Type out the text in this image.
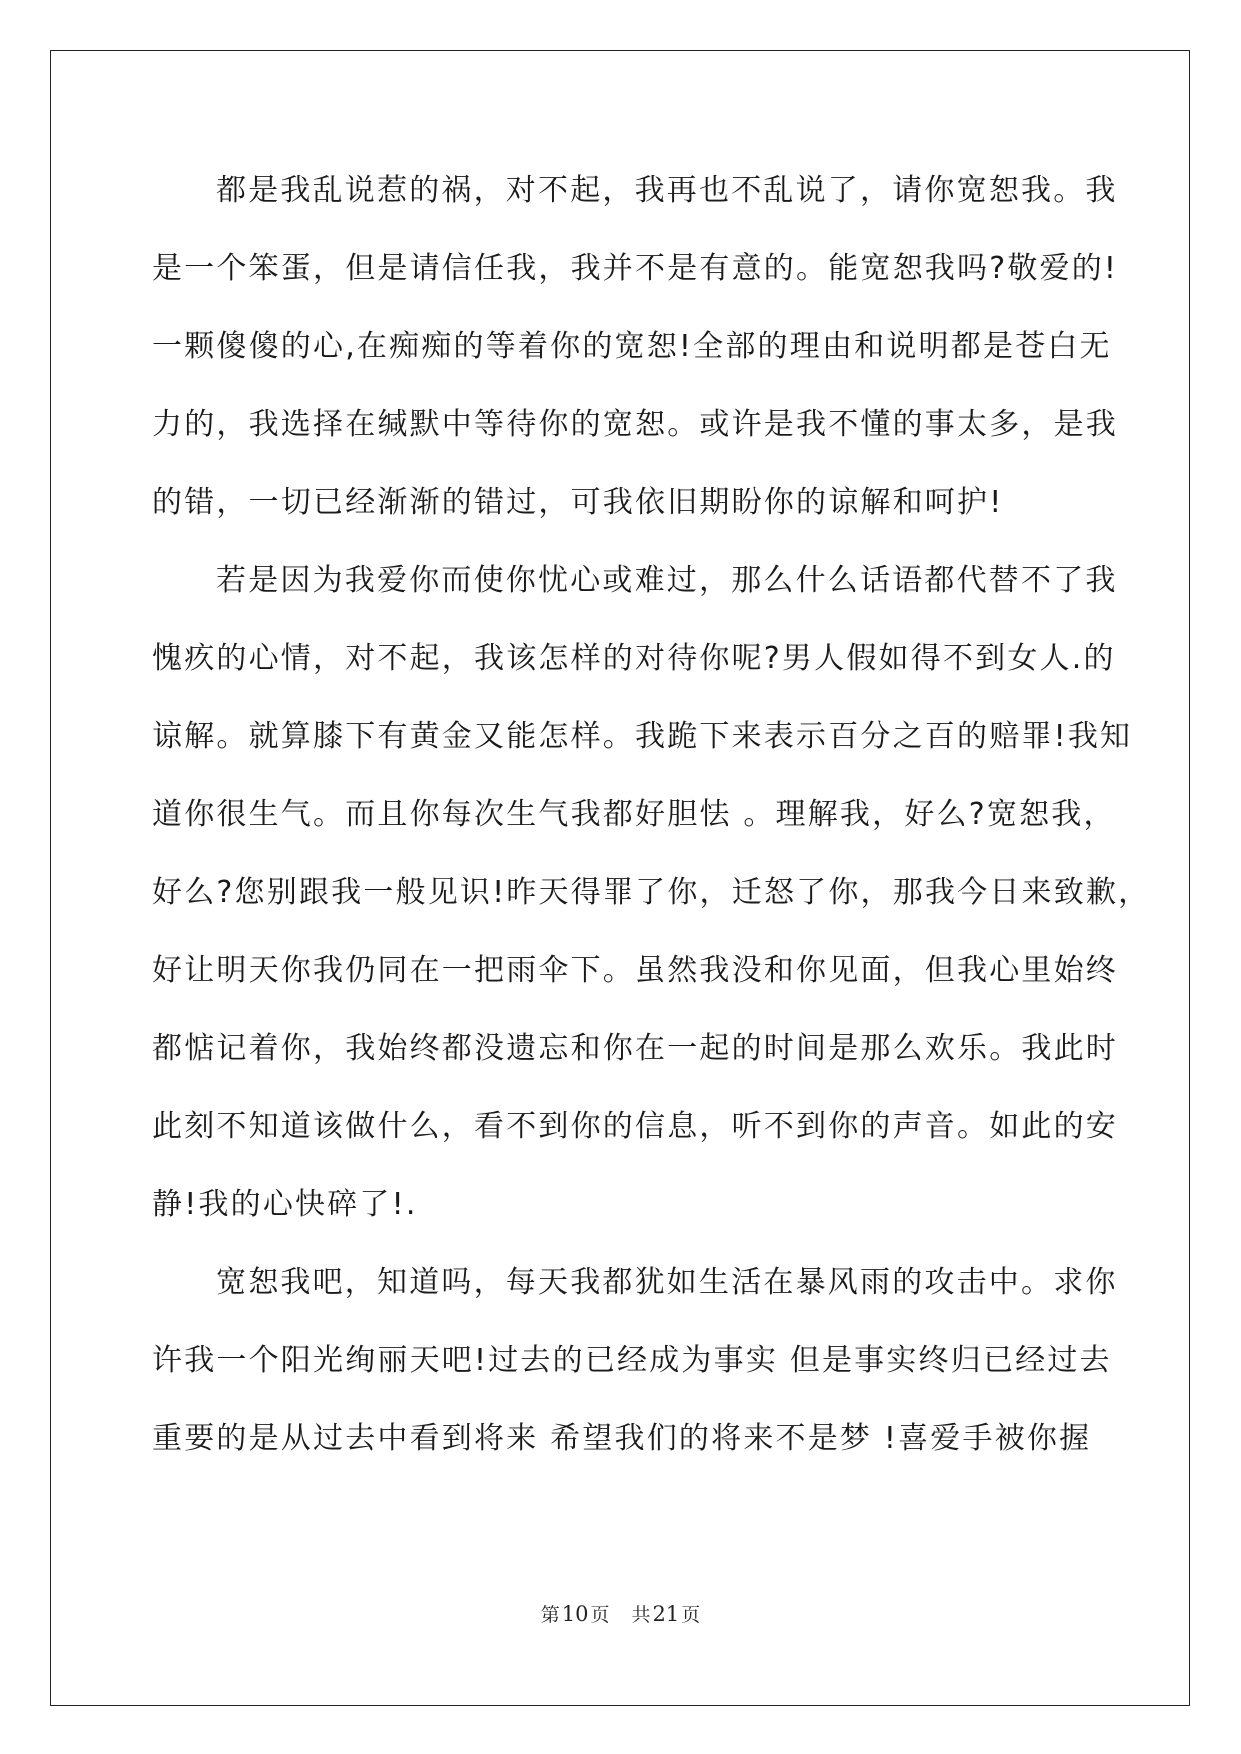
都是我乱说惹的祸，对不起，我再也不乱说了，请你宽恕我。我
是一个笨蛋，但是请信任我，我并不是有意的。能宽恕我吗?敬爱的!
一颗傻傻的心,在痴痴的等着你的宽恕!全部的理由和说明都是苍白无
力的，我选择在缄默中等待你的宽恕。或许是我不懂的事太多，是我
的错，一切已经渐渐的错过，可我依旧期盼你的谅解和呵护!
若是因为我爱你而使你忧心或难过，那么什么话语都代替不了我
愧疚的心情，对不起，我该怎样的对待你呢?男人假如得不到女人.的
谅解。就算膝下有黄金又能怎样。我跪下来表示百分之百的赔罪!我知
道你很生气。而且你每次生气我都好胆怯 。理解我，好么?宽恕我，
好么?您别跟我一般见识!昨天得罪了你，迁怒了你，那我今日来致歉，
好让明天你我仍同在一把雨伞下。虽然我没和你见面，但我心里始终
都惦记着你，我始终都没遗忘和你在一起的时间是那么欢乐。我此时
此刻不知道该做什么，看不到你的信息，听不到你的声音。如此的安
静!我的心快碎了!.
宽恕我吧，知道吗，每天我都犹如生活在暴风雨的攻击中。求你
许我一个阳光绚丽天吧!过去的已经成为事实 但是事实终归已经过去
重要的是从过去中看到将来 希望我们的将来不是梦 !喜爱手被你握
第10 页 共21 页
